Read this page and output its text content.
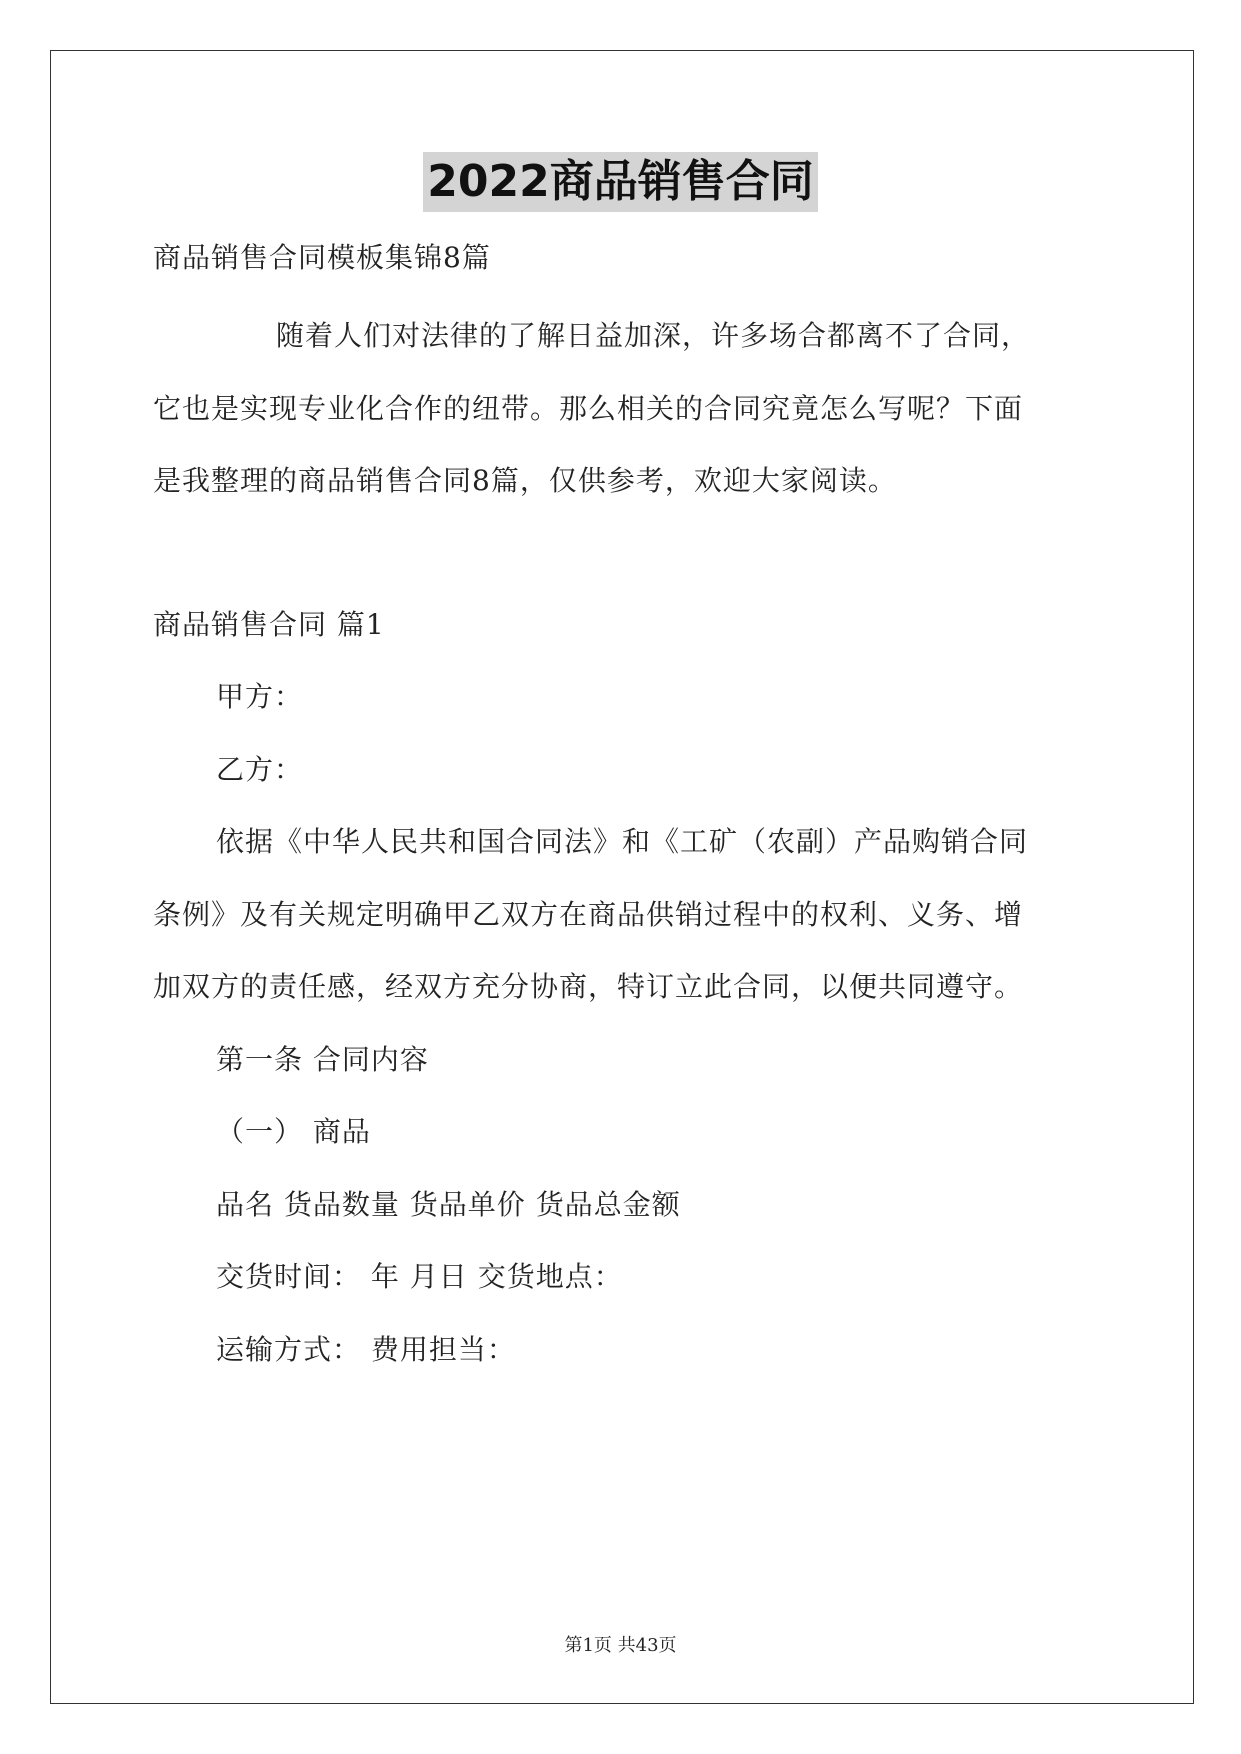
2022商品销售合同
商品销售合同模板集锦8篇
随着人们对法律的了解日益加深，许多场合都离不了合同，
它也是实现专业化合作的纽带。那么相关的合同究竟怎么写呢？下面
是我整理的商品销售合同8篇，仅供参考，欢迎大家阅读。
商品销售合同 篇1
甲方：
乙方：
依据《中华人民共和国合同法》和《工矿（农副）产品购销合同
条例》及有关规定明确甲乙双方在商品供销过程中的权利、义务、增
加双方的责任感，经双方充分协商，特订立此合同，以便共同遵守。
第一条 合同内容
（一） 商品
品名 货品数量 货品单价 货品总金额
交货时间： 年 月日 交货地点：
运输方式： 费用担当：
第1页 共43页
